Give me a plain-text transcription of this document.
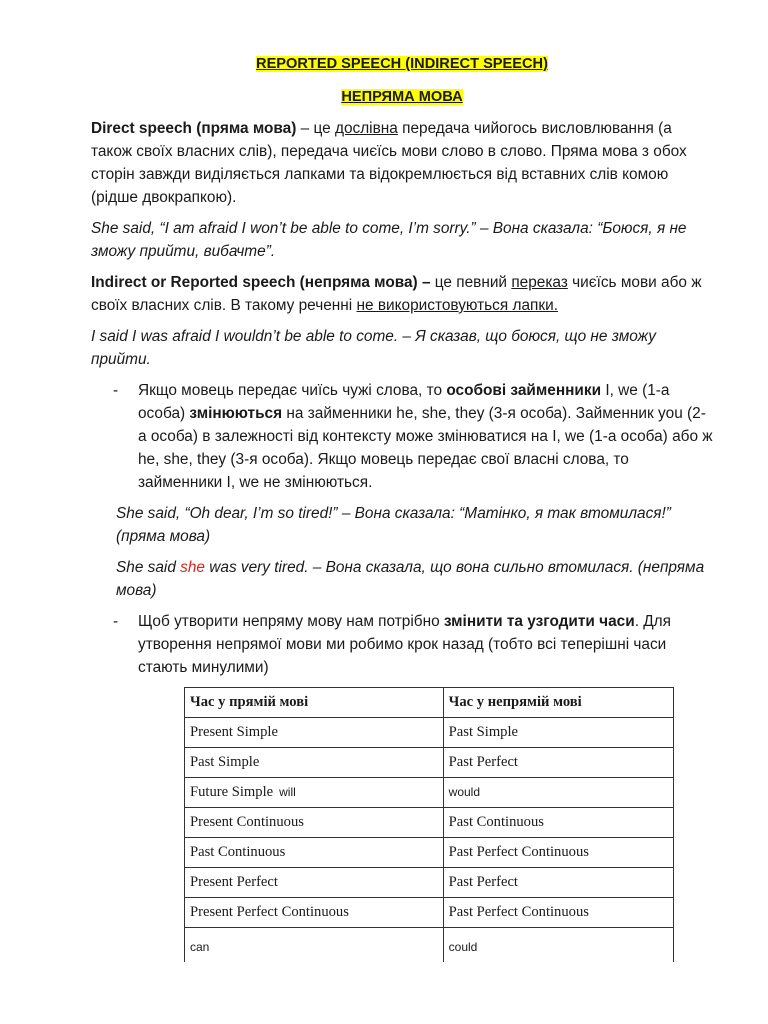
REPORTED SPEECH (INDIRECT SPEECH)

НЕПРЯМА МОВА

Direct speech (пряма мова) – це дослівна передача чийогось висловлювання (а також своїх власних слів), передача чиєїсь мови слово в слово. Пряма мова з обох сторін завжди виділяється лапками та відокремлюється від вставних слів комою (рідше двокрапкою).

She said, “I am afraid I won’t be able to come, I’m sorry.” – Вона сказала: “Боюся, я не зможу прийти, вибачте”.

Indirect or Reported speech (непряма мова) – це певний переказ чиєїсь мови або ж своїх власних слів. В такому реченні не використовуються лапки.

I said I was afraid I wouldn’t be able to come. – Я сказав, що боюся, що не зможу прийти.

- Якщо мовець передає чиїсь чужі слова, то особові займенники I, we (1-а особа) змінюються на займенники he, she, they (3-я особа). Займенник you (2-а особа) в залежності від контексту може змінюватися на I, we (1-а особа) або ж he, she, they (3-я особа). Якщо мовець передає свої власні слова, то займенники I, we не змінюються.

She said, “Oh dear, I’m so tired!” – Вона сказала: “Матінко, я так втомилася!” (пряма мова)

She said she was very tired. – Вона сказала, що вона сильно втомилася. (непряма мова)

- Щоб утворити непряму мову нам потрібно змінити та узгодити часи. Для утворення непрямої мови ми робимо крок назад (тобто всі теперішні часи стають минулими)
Час у прямій мові	Час у непрямій мові
Present Simple	Past Simple
Past Simple	Past Perfect
Future Simple will	would
Present Continuous	Past Continuous
Past Continuous	Past Perfect Continuous
Present Perfect	Past Perfect
Present Perfect Continuous	Past Perfect Continuous
can	could
